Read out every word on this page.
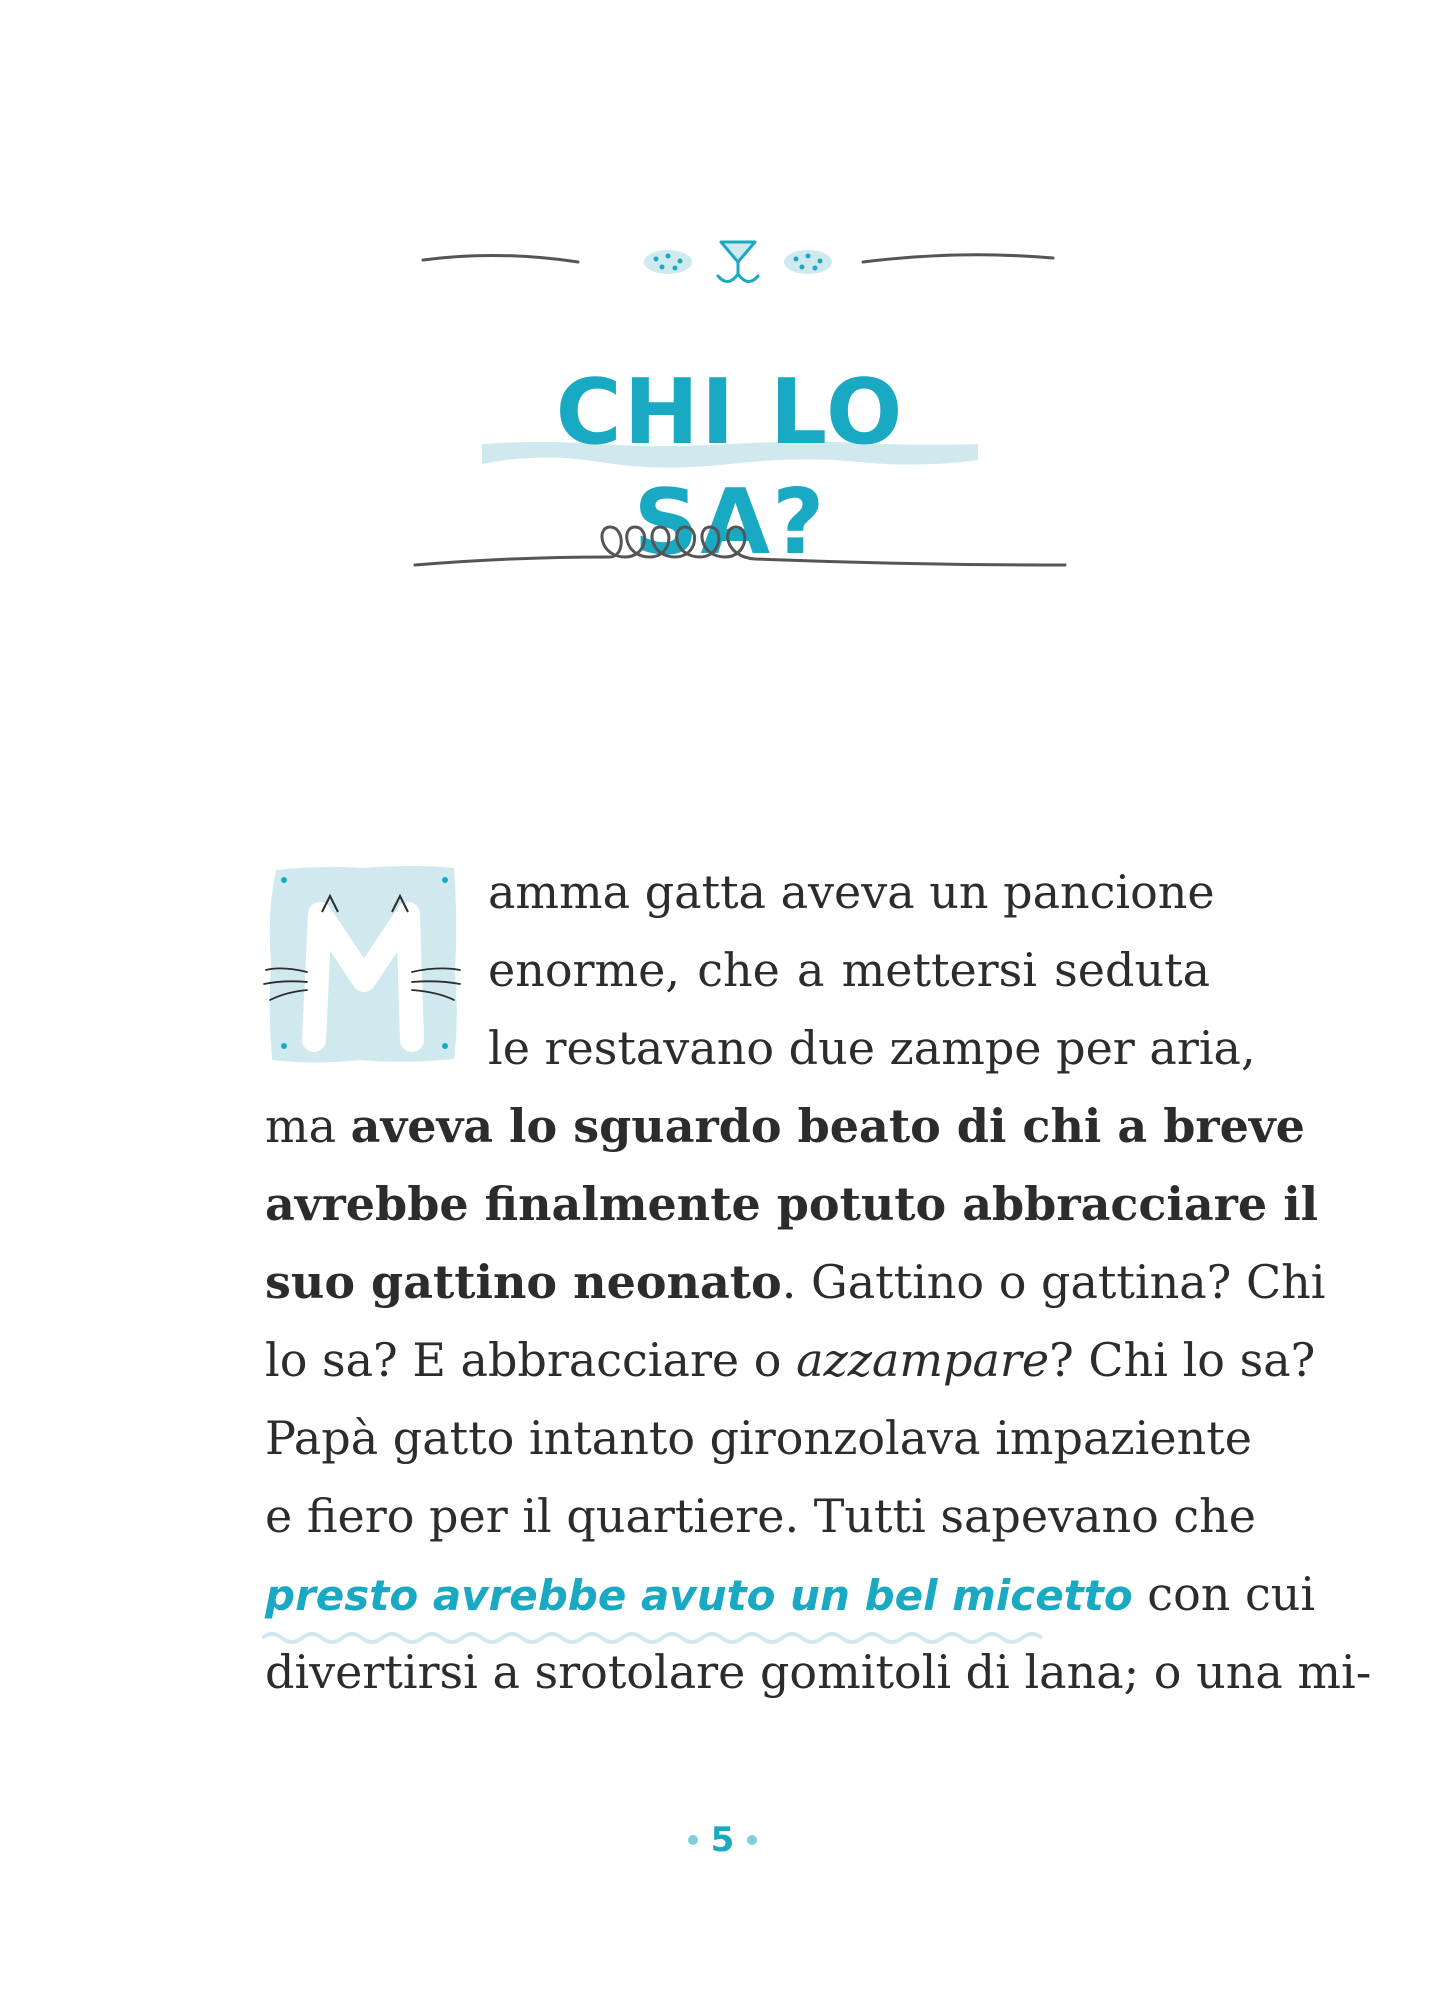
CHI LO SA?
amma gatta aveva un pancione
enorme, che a mettersi seduta
le restavano due zampe per aria,
ma aveva lo sguardo beato di chi a breve
avrebbe finalmente potuto abbracciare il
suo gattino neonato. Gattino o gattina? Chi
lo sa? E abbracciare o azzampare? Chi lo sa?
Papà gatto intanto gironzolava impaziente
e fiero per il quartiere. Tutti sapevano che
presto avrebbe avuto un bel micetto con cui
divertirsi a srotolare gomitoli di lana; o una mi-
5
